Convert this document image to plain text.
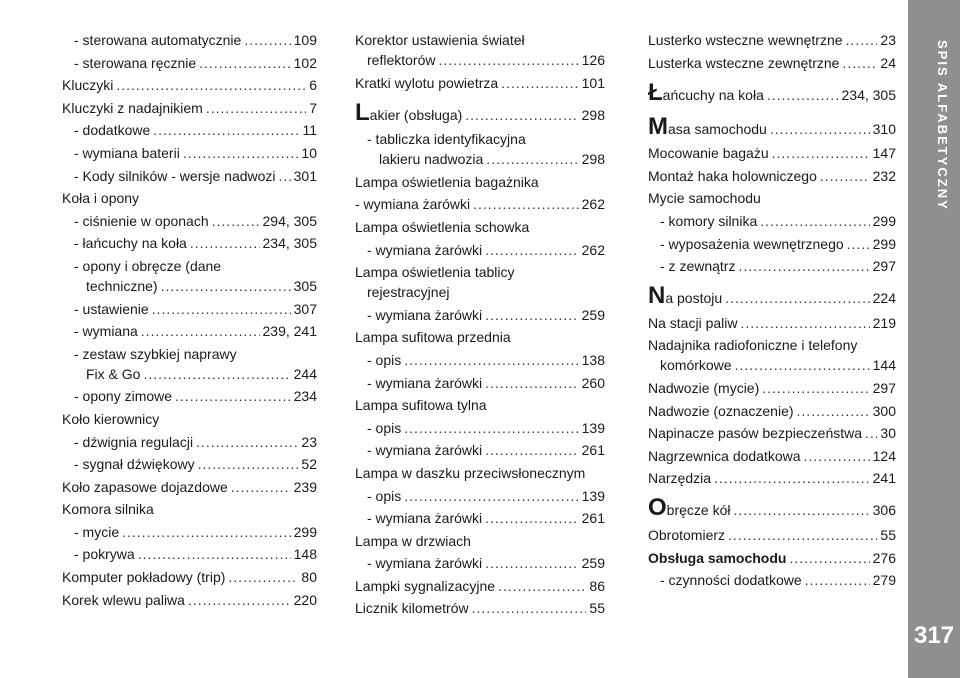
SPIS ALFABETYCZNY
317
- sterowana automatycznie .....	109
- sterowana ręcznie .....	102
Kluczyki .....	6
Kluczyki z nadajnikiem .....	7
- dodatkowe .....	11
- wymiana baterii .....	10
- Kody silników - wersje nadwozi ..... 301
Koła i opony
- ciśnienie w oponach .....	294, 305
- łańcuchy na koła .....	234, 305
- opony i obręcze (dane
techniczne) .....	305
- ustawienie .....	307
- wymiana .....	239, 241
- zestaw szybkiej naprawy
Fix & Go .....	244
- opony zimowe .....	234
Koło kierownicy
- dźwignia regulacji .....	23
- sygnał dźwiękowy .....	52
Koło zapasowe dojazdowe .....	239
Komora silnika
- mycie .....	299
- pokrywa .....	148
Komputer pokładowy (trip) .....	80
Korek wlewu paliwa .....	220
Korektor ustawienia świateł
reflektorów .....	126
Kratki wylotu powietrza .....	101
Lakier (obsługa) .....	298
- tabliczka identyfikacyjna
lakieru nadwozia .....	298
Lampa oświetlenia bagażnika
- wymiana żarówki .....	262
Lampa oświetlenia schowka
- wymiana żarówki .....	262
Lampa oświetlenia tablicy
rejestracyjnej
- wymiana żarówki .....	259
Lampa sufitowa przednia
- opis .....	138
- wymiana żarówki .....	260
Lampa sufitowa tylna
- opis .....	139
- wymiana żarówki .....	261
Lampa w daszku przeciwsłonecznym
- opis .....	139
- wymiana żarówki .....	261
Lampa w drzwiach
- wymiana żarówki .....	259
Lampki sygnalizacyjne .....	86
Licznik kilometrów .....	55
Lusterko wsteczne wewnętrzne .....	23
Lusterka wsteczne zewnętrzne .....	24
Łańcuchy na koła .....	234, 305
Masa samochodu .....	310
Mocowanie bagażu .....	147
Montaż haka holowniczego .....	232
Mycie samochodu
- komory silnika .....	299
- wyposażenia wewnętrznego ..... 299
- z zewnątrz .....	297
Na postoju .....	224
Na stacji paliw .....	219
Nadajnika radiofoniczne i telefony
komórkowe .....	144
Nadwozie (mycie) .....	297
Nadwozie (oznaczenie) .....	300
Napinacze pasów bezpieczeństwa ..... 30
Nagrzewnica dodatkowa .....	124
Narzędzia .....	241
Obręcze kół .....	306
Obrotomierz .....	55
Obsługa samochodu .....	276
- czynności dodatkowe .....	279
